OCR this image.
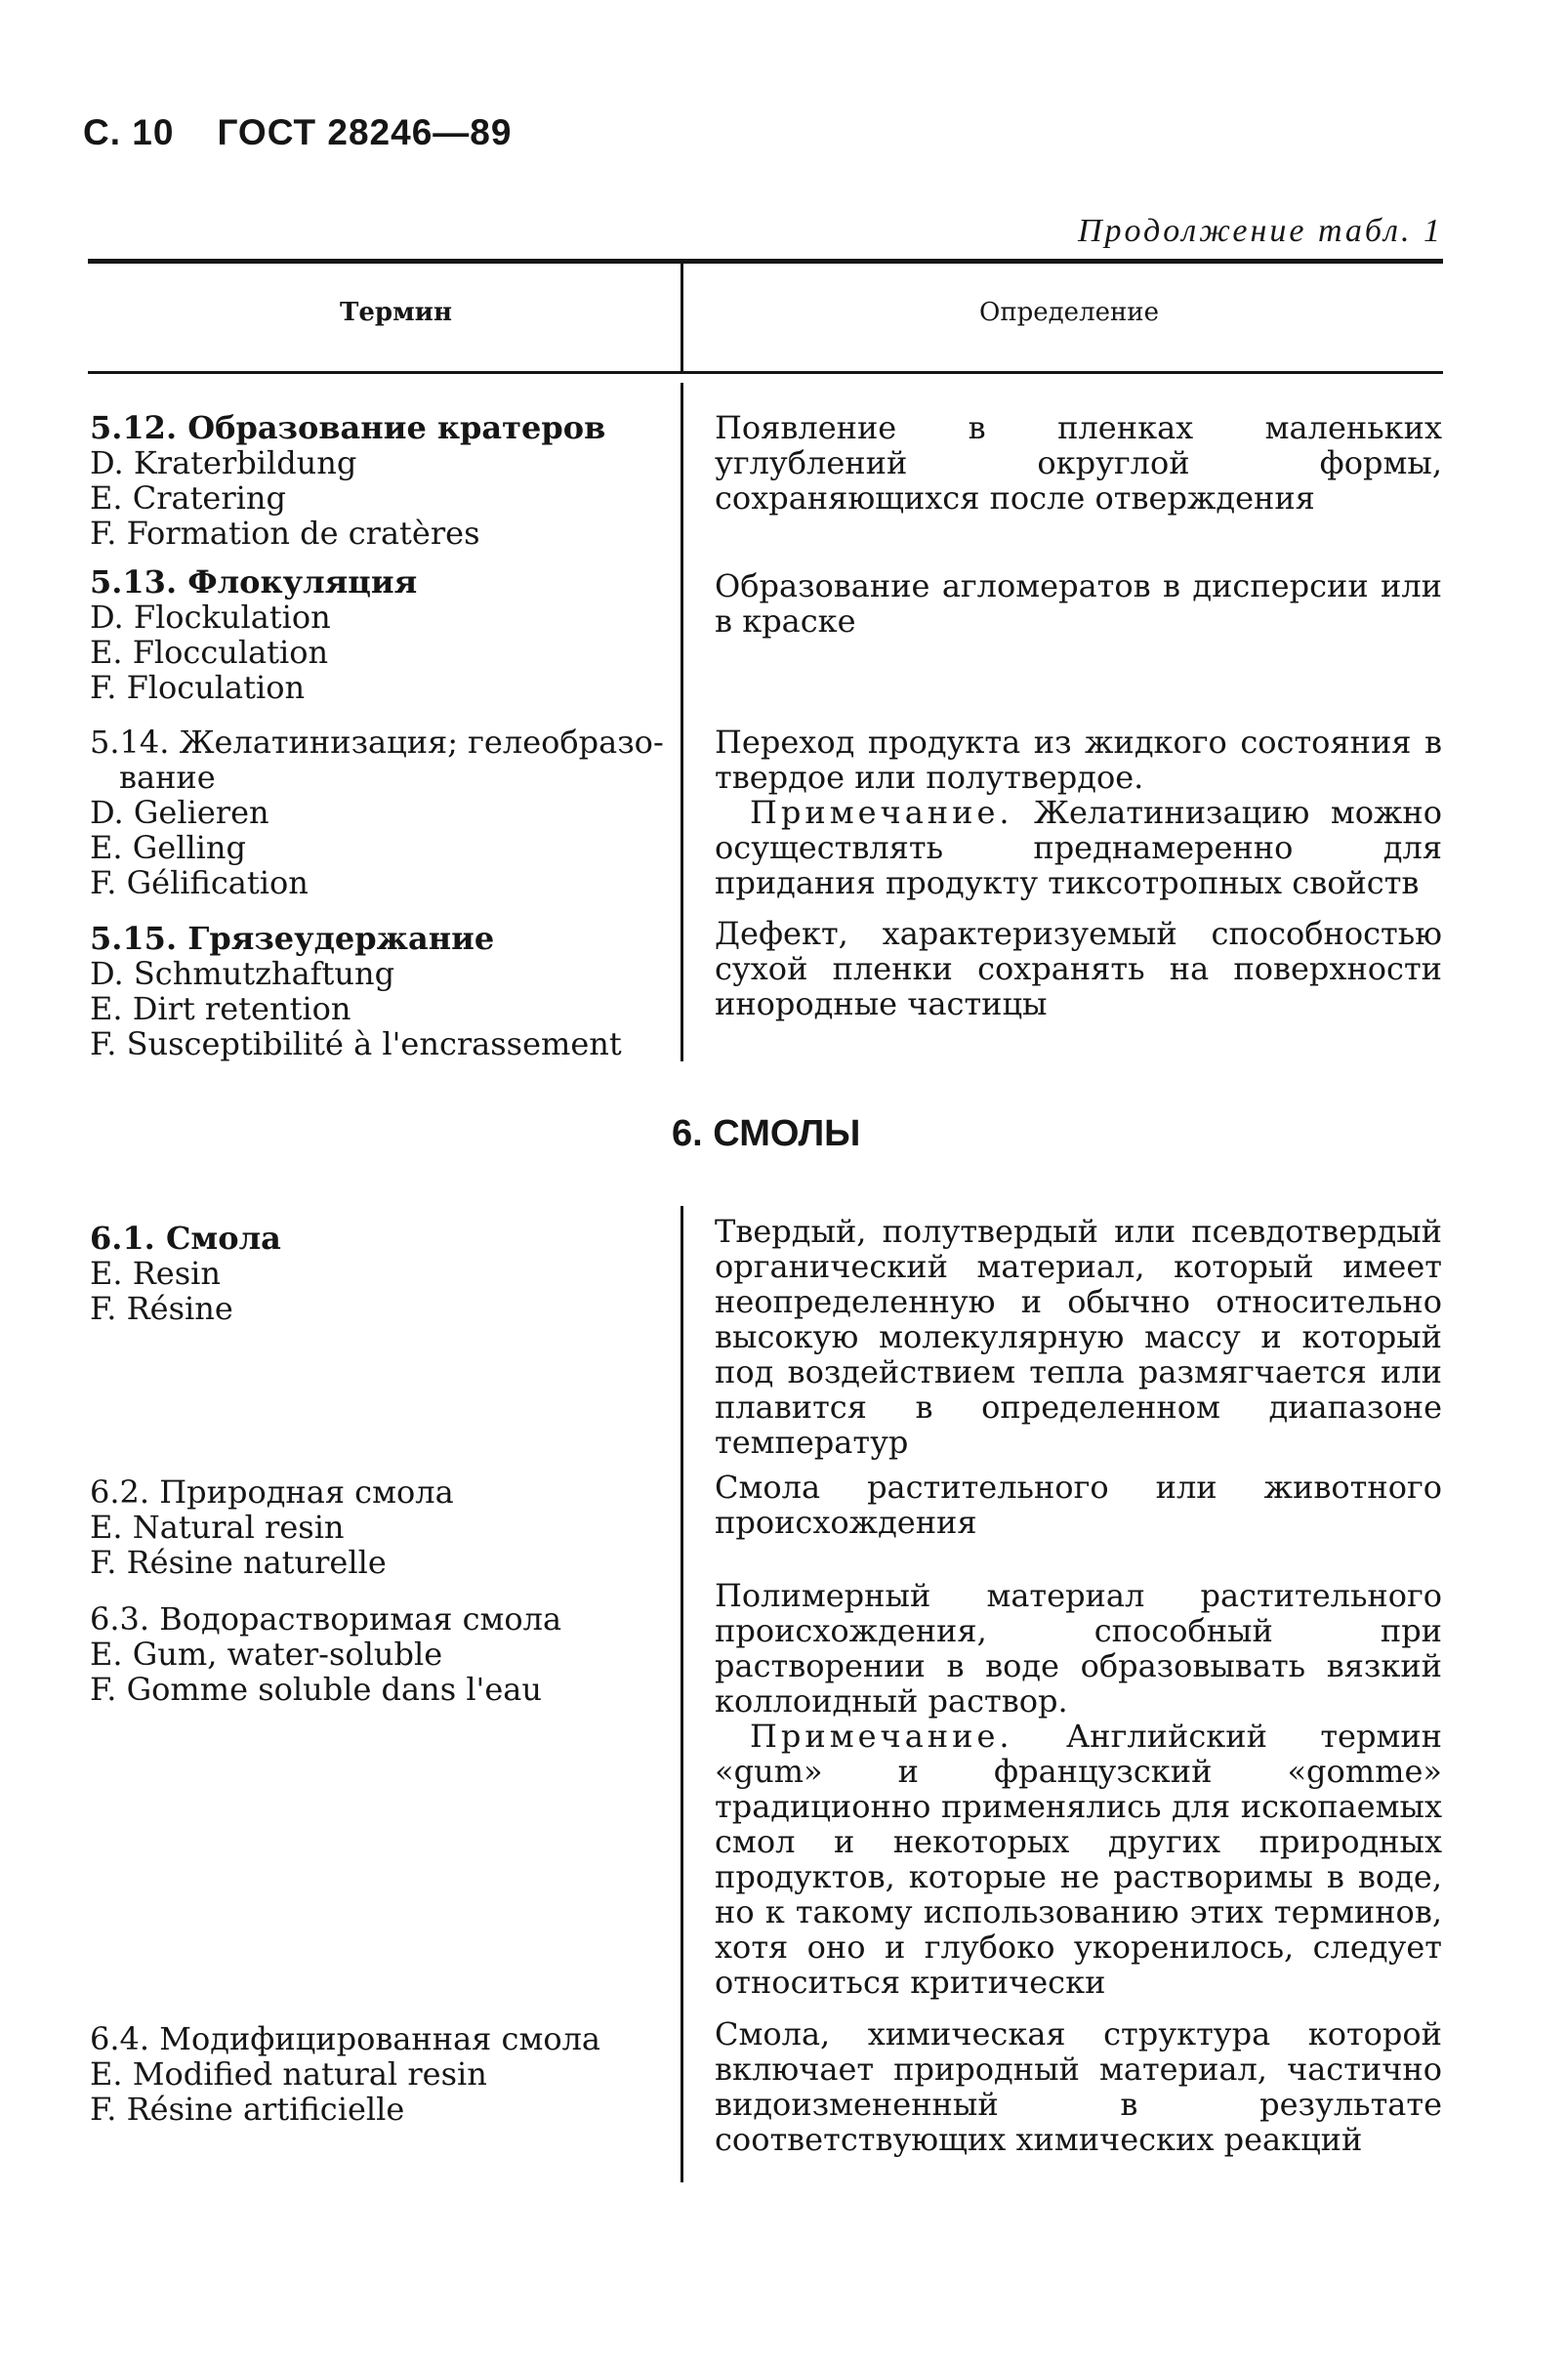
С. 10 ГОСТ 28246—89
Продолжение табл. 1
Термин	Определение
5.12. Образование кратеров
D. Kraterbildung
E. Cratering
F. Formation de cratères
Появление в пленках маленьких углублений округлой формы, сохраняющихся после отверждения
5.13. Флокуляция
D. Flockulation
E. Flocculation
F. Floculation
Образование агломератов в дисперсии или в краске
5.14. Желатинизация; гелеобразо-
вание
D. Gelieren
E. Gelling
F. Gélification
Переход продукта из жидкого состояния в твердое или полутвердое.
Примечание. Желатинизацию можно осуществлять преднамеренно для придания продукту тиксотропных свойств
5.15. Грязеудержание
D. Schmutzhaftung
E. Dirt retention
F. Susceptibilité à l'encrassement
Дефект, характеризуемый способностью сухой пленки сохранять на поверхности инородные частицы
6. СМОЛЫ
6.1. Смола
E. Resin
F. Résine
Твердый, полутвердый или псевдотвердый органический материал, который имеет неопределенную и обычно относительно высокую молекулярную массу и который под воздействием тепла размягчается или плавится в определенном диапазоне температур
6.2. Природная смола
E. Natural resin
F. Résine naturelle
Смола растительного или животного происхождения
6.3. Водорастворимая смола
E. Gum, water-soluble
F. Gomme soluble dans l'eau
Полимерный материал растительного происхождения, способный при растворении в воде образовывать вязкий коллоидный раствор.
Примечание. Английский термин «gum» и французский «gomme» традиционно применялись для ископаемых смол и некоторых других природных продуктов, которые не растворимы в воде, но к такому использованию этих терминов, хотя оно и глубоко укоренилось, следует относиться критически
6.4. Модифицированная смола
E. Modified natural resin
F. Résine artificielle
Смола, химическая структура которой включает природный материал, частично видоизмененный в результате соответствующих химических реакций
